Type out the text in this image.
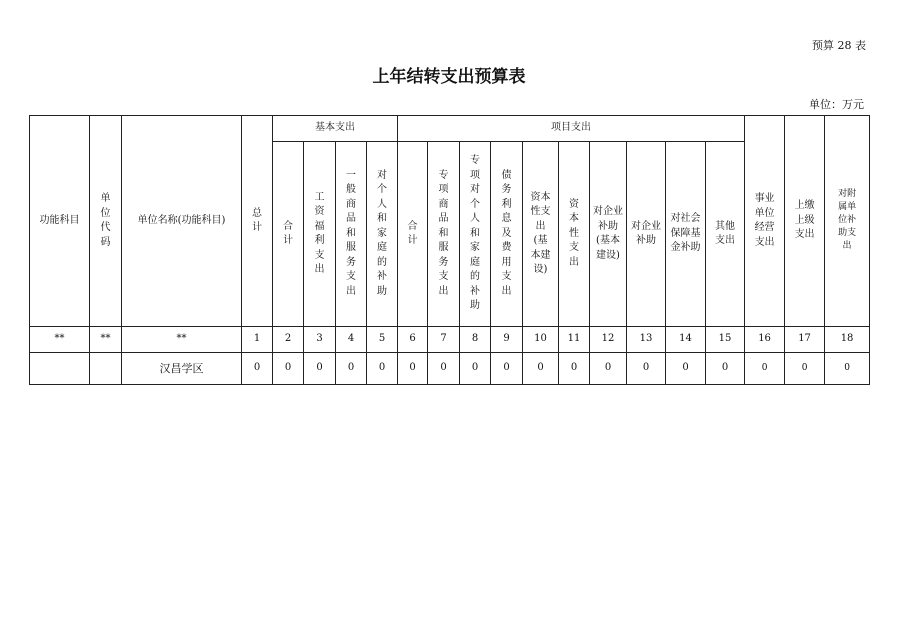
预算 28 表
上年结转支出预算表
单位：万元
功能科目	单位代码	单位名称(功能科目)	总计	基本支出				项目支出										事业单位经营支出	上缴上级支出	对附属单位补助支出
				合计	工资福利支出	一般商品和服务支出	对个人和家庭的补助	合计	专项商品和服务支出	专项对个人和家庭的补助	债务利息及费用支出	资本性支出(基本建设)	资本性支出	对企业补助(基本建设)	对企业补助	对社会保障基金补助	其他支出			
**	**	**	1	2	3	4	5	6	7	8	9	10	11	12	13	14	15	16	17	18
		汉昌学区	0	0	0	0	0	0	0	0	0	0	0	0	0	0	0	0	0	0
